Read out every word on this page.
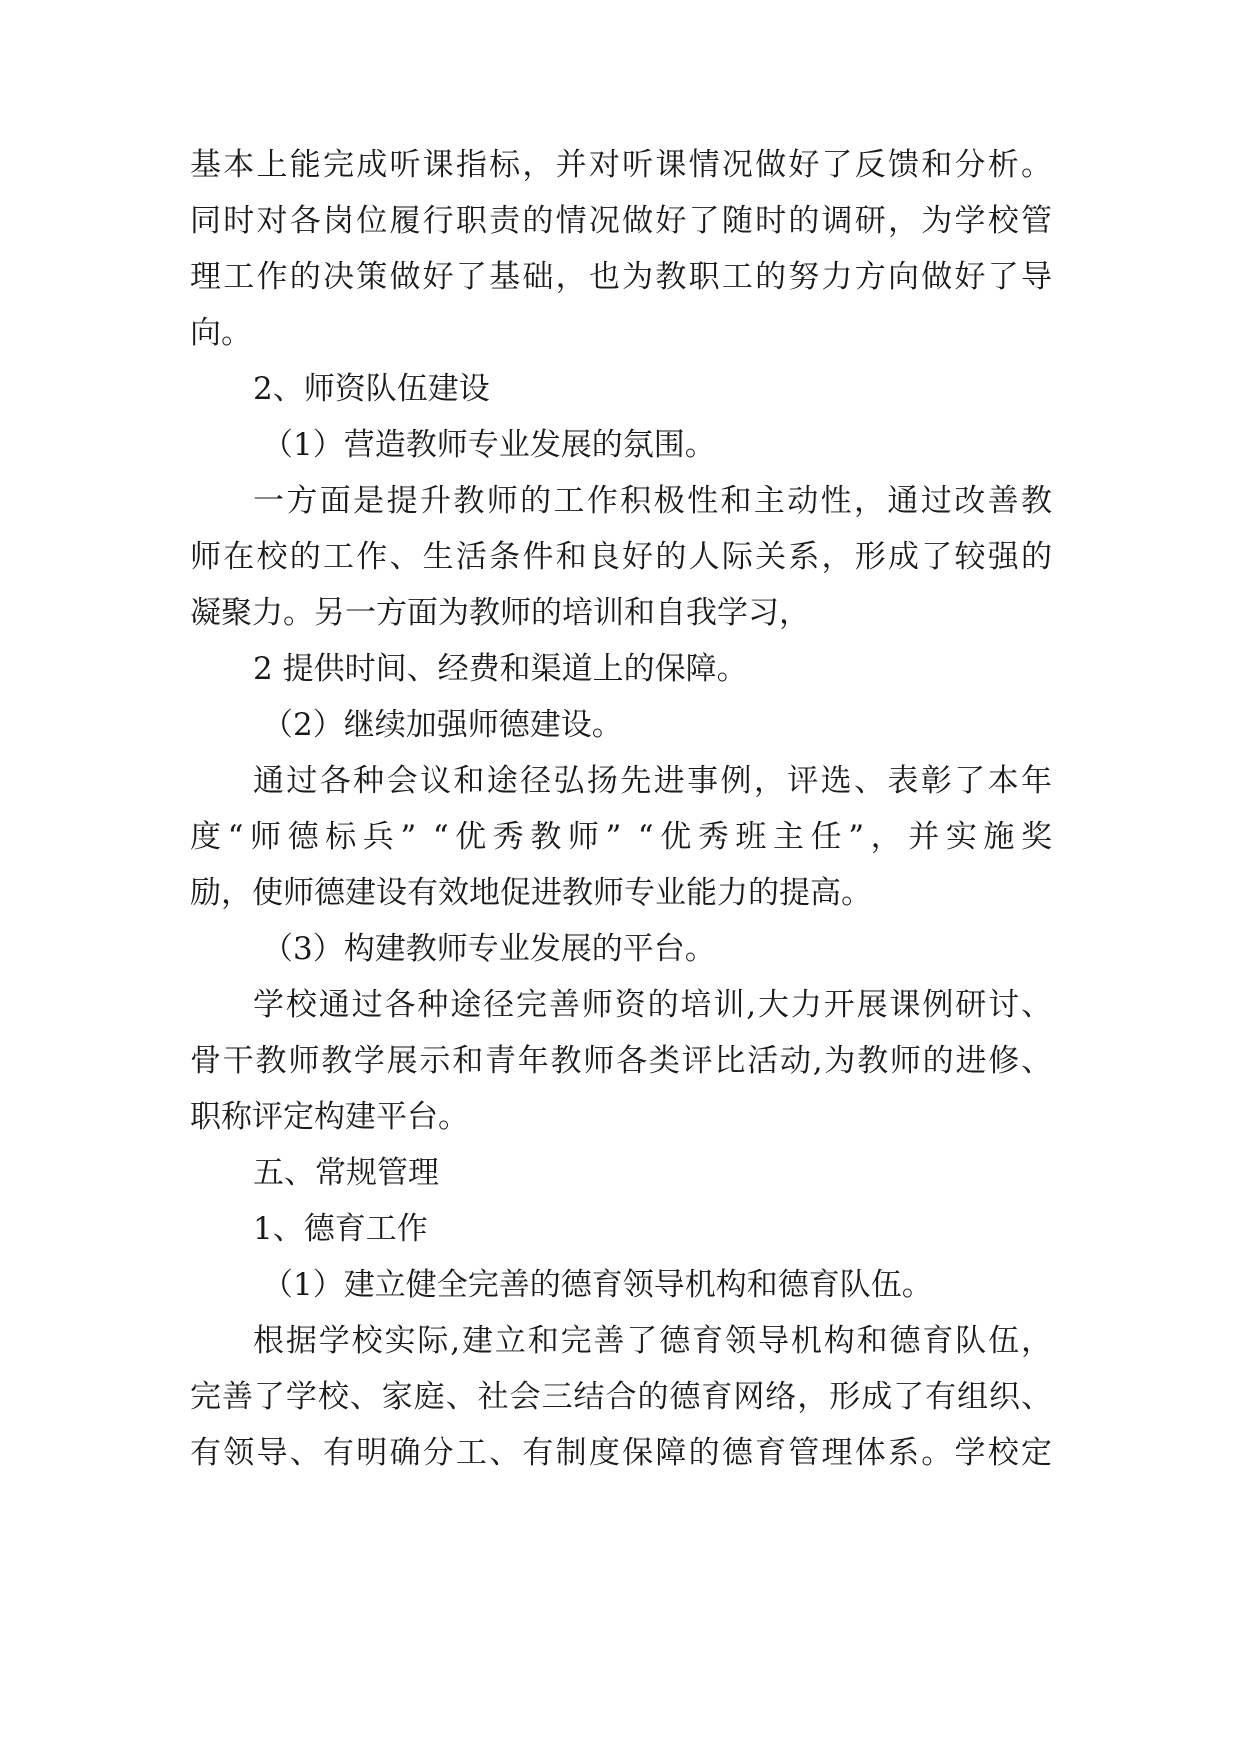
基本上能完成听课指标，并对听课情况做好了反馈和分析。
同时对各岗位履行职责的情况做好了随时的调研，为学校管
理工作的决策做好了基础，也为教职工的努力方向做好了导
向。
2、师资队伍建设
（1）营造教师专业发展的氛围。
一方面是提升教师的工作积极性和主动性，通过改善教
师在校的工作、生活条件和良好的人际关系，形成了较强的
凝聚力。另一方面为教师的培训和自我学习，
2 提供时间、经费和渠道上的保障。
（2）继续加强师德建设。
通过各种会议和途径弘扬先进事例，评选、表彰了本年
度“师德标兵” “优秀教师” “优秀班主任”，并实施奖
励，使师德建设有效地促进教师专业能力的提高。
（3）构建教师专业发展的平台。
学校通过各种途径完善师资的培训,大力开展课例研讨、
骨干教师教学展示和青年教师各类评比活动,为教师的进修、
职称评定构建平台。
五、常规管理
1、德育工作
（1）建立健全完善的德育领导机构和德育队伍。
根据学校实际,建立和完善了德育领导机构和德育队伍，
完善了学校、家庭、社会三结合的德育网络，形成了有组织、
有领导、有明确分工、有制度保障的德育管理体系。学校定
